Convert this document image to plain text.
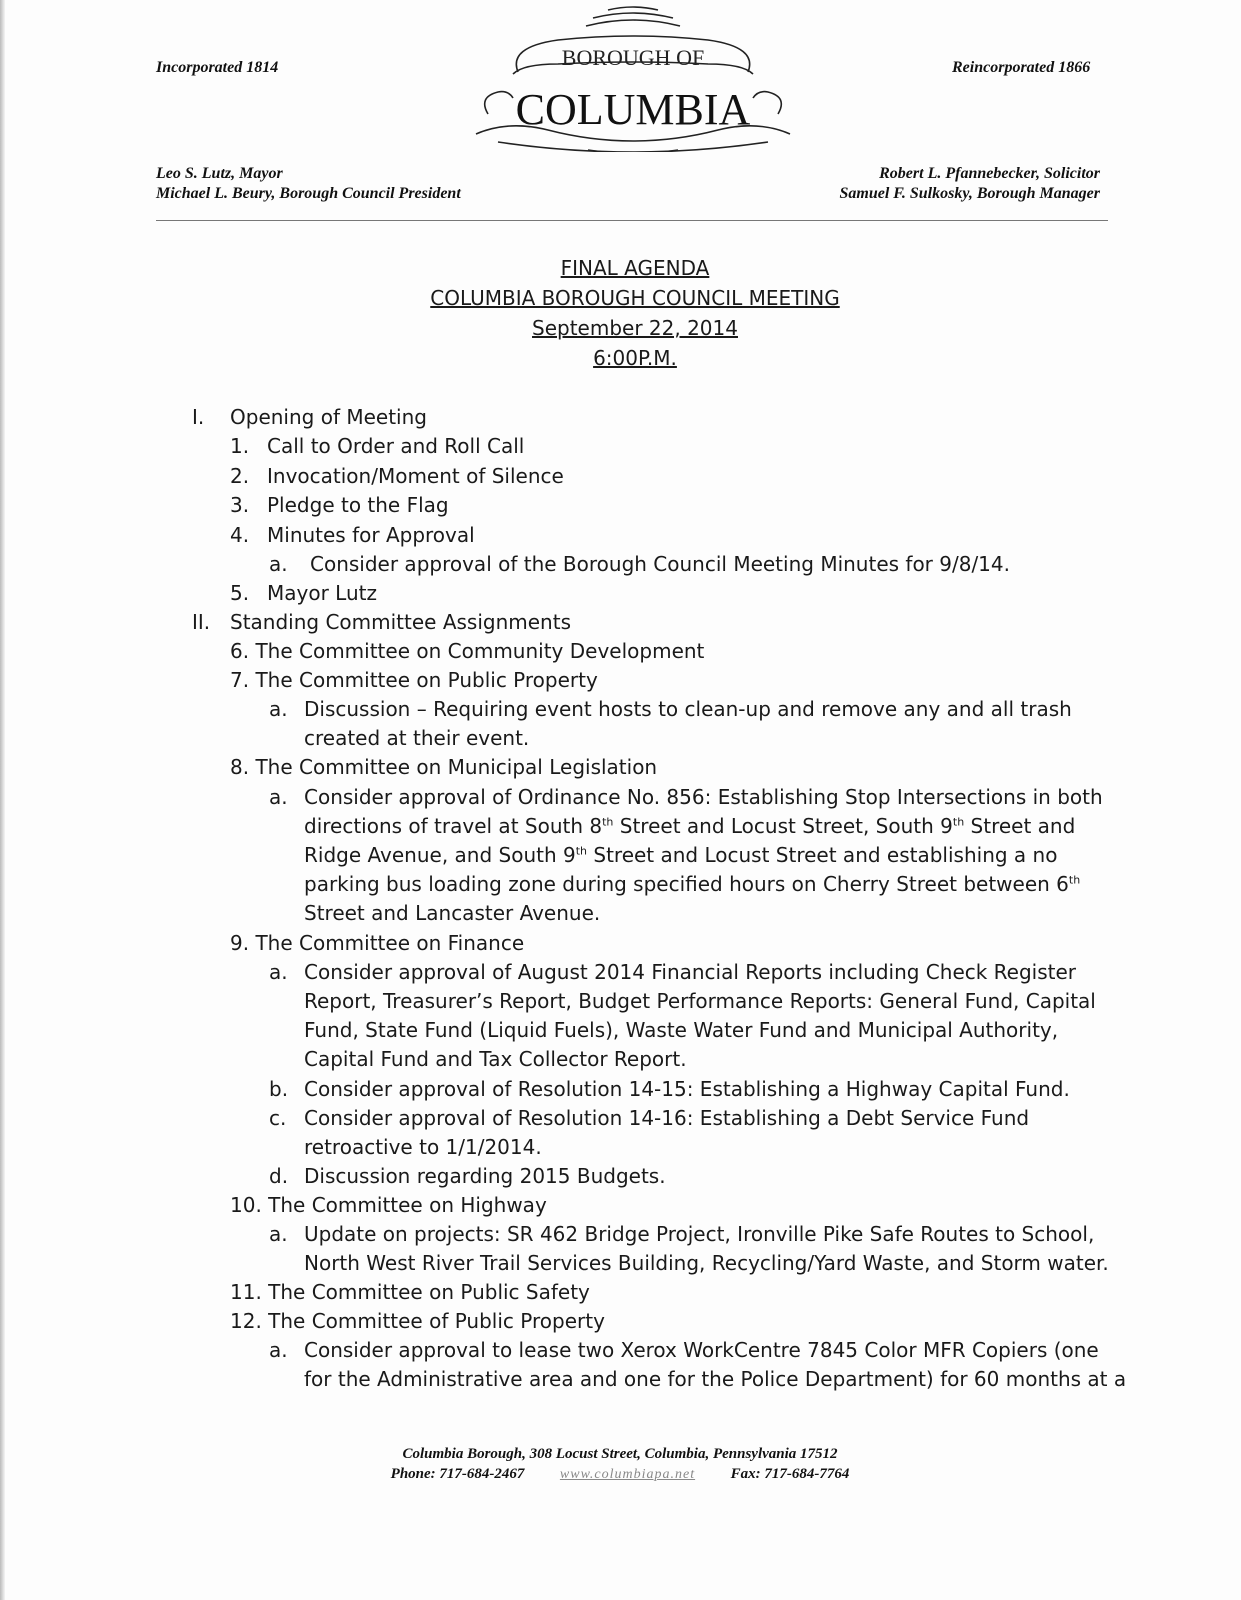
Incorporated 1814	Reincorporated 1866
BOROUGH OF
COLUMBIA
Leo S. Lutz, Mayor
Michael L. Beury, Borough Council President
Robert L. Pfannebecker, Solicitor
Samuel F. Sulkosky, Borough Manager
FINAL AGENDA
COLUMBIA BOROUGH COUNCIL MEETING
September 22, 2014
6:00P.M.
I. Opening of Meeting
1. Call to Order and Roll Call
2. Invocation/Moment of Silence
3. Pledge to the Flag
4. Minutes for Approval
a. Consider approval of the Borough Council Meeting Minutes for 9/8/14.
5. Mayor Lutz
II. Standing Committee Assignments
6. The Committee on Community Development
7. The Committee on Public Property
a. Discussion – Requiring event hosts to clean-up and remove any and all trash
created at their event.
8. The Committee on Municipal Legislation
a. Consider approval of Ordinance No. 856: Establishing Stop Intersections in both
directions of travel at South 8th Street and Locust Street, South 9th Street and
Ridge Avenue, and South 9th Street and Locust Street and establishing a no
parking bus loading zone during specified hours on Cherry Street between 6th
Street and Lancaster Avenue.
9. The Committee on Finance
a. Consider approval of August 2014 Financial Reports including Check Register
Report, Treasurer’s Report, Budget Performance Reports: General Fund, Capital
Fund, State Fund (Liquid Fuels), Waste Water Fund and Municipal Authority,
Capital Fund and Tax Collector Report.
b. Consider approval of Resolution 14-15: Establishing a Highway Capital Fund.
c. Consider approval of Resolution 14-16: Establishing a Debt Service Fund
retroactive to 1/1/2014.
d. Discussion regarding 2015 Budgets.
10. The Committee on Highway
a. Update on projects: SR 462 Bridge Project, Ironville Pike Safe Routes to School,
North West River Trail Services Building, Recycling/Yard Waste, and Storm water.
11. The Committee on Public Safety
12. The Committee of Public Property
a. Consider approval to lease two Xerox WorkCentre 7845 Color MFR Copiers (one
for the Administrative area and one for the Police Department) for 60 months at a
Columbia Borough, 308 Locust Street, Columbia, Pennsylvania 17512
Phone: 717-684-2467	www.columbiapa.net Fax: 717-684-7764
